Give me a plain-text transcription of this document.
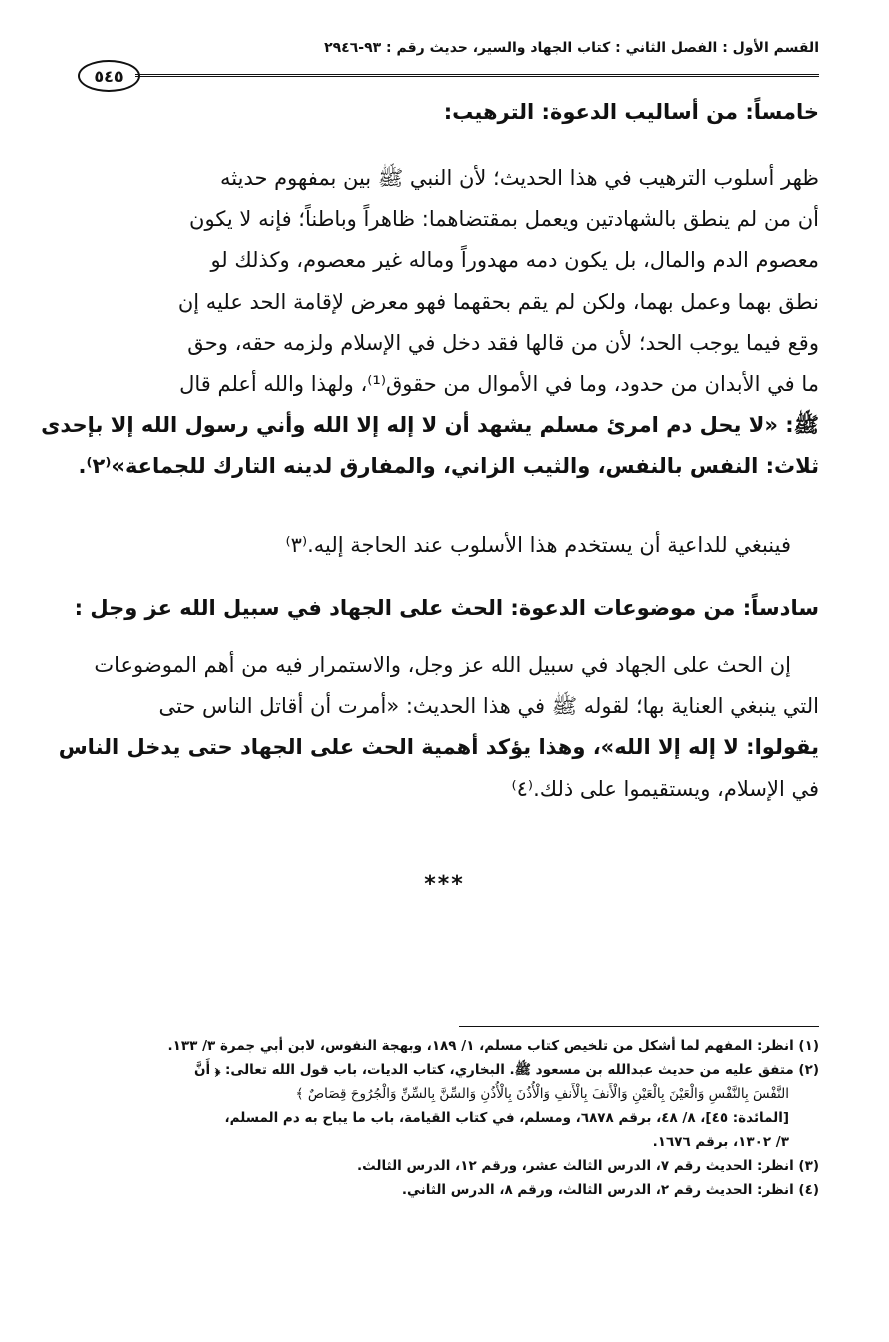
القسم الأول : الفصل الثاني : كتاب الجهاد والسير، حديث رقم : ٩٣-٢٩٤٦
٥٤٥
خامساً: من أساليب الدعوة: الترهيب:
ظهر أسلوب الترهيب في هذا الحديث؛ لأن النبي ﷺ بين بمفهوم حديثه
أن من لم ينطق بالشهادتين ويعمل بمقتضاهما: ظاهراً وباطناً؛ فإنه لا يكون
معصوم الدم والمال، بل يكون دمه مهدوراً وماله غير معصوم، وكذلك لو
نطق بهما وعمل بهما، ولكن لم يقم بحقهما فهو معرض لإقامة الحد عليه إن
وقع فيما يوجب الحد؛ لأن من قالها فقد دخل في الإسلام ولزمه حقه، وحق
ما في الأبدان من حدود، وما في الأموال من حقوق⁽¹⁾، ولهذا والله أعلم قال
ﷺ: «لا يحل دم امرئ مسلم يشهد أن لا إله إلا الله وأني رسول الله إلا بإحدى
ثلاث: النفس بالنفس، والثيب الزاني، والمفارق لدينه التارك للجماعة»⁽٢⁾.
فينبغي للداعية أن يستخدم هذا الأسلوب عند الحاجة إليه.⁽٣⁾
سادساً: من موضوعات الدعوة: الحث على الجهاد في سبيل الله عز وجل :
إن الحث على الجهاد في سبيل الله عز وجل، والاستمرار فيه من أهم الموضوعات
التي ينبغي العناية بها؛ لقوله ﷺ في هذا الحديث: «أمرت أن أقاتل الناس حتى
يقولوا: لا إله إلا الله»، وهذا يؤكد أهمية الحث على الجهاد حتى يدخل الناس
في الإسلام، ويستقيموا على ذلك.⁽٤⁾
***
(١) انظر: المفهم لما أشكل من تلخيص كتاب مسلم، ١/ ١٨٩، وبهجة النفوس، لابن أبي جمرة ٣/ ١٣٣.
(٢) متفق عليه من حديث عبدالله بن مسعود ﷺ. البخاري، كتاب الديات، باب قول الله تعالى: ﴿ أَنَّ
النَّفْسَ بِالنَّفْسِ وَالْعَيْنَ بِالْعَيْنِ وَالْأَنفَ بِالْأَنفِ وَالْأُذُنَ بِالْأُذُنِ وَالسِّنَّ بِالسِّنِّ وَالْجُرُوحَ قِصَاصٌ ﴾
[المائدة: ٤٥]، ٨/ ٤٨، برقم ٦٨٧٨، ومسلم، في كتاب القيامة، باب ما يباح به دم المسلم،
٣/ ١٣٠٢، برقم ١٦٧٦.
(٣) انظر: الحديث رقم ٧، الدرس الثالث عشر، ورقم ١٢، الدرس الثالث.
(٤) انظر: الحديث رقم ٢، الدرس الثالث، ورقم ٨، الدرس الثاني.
